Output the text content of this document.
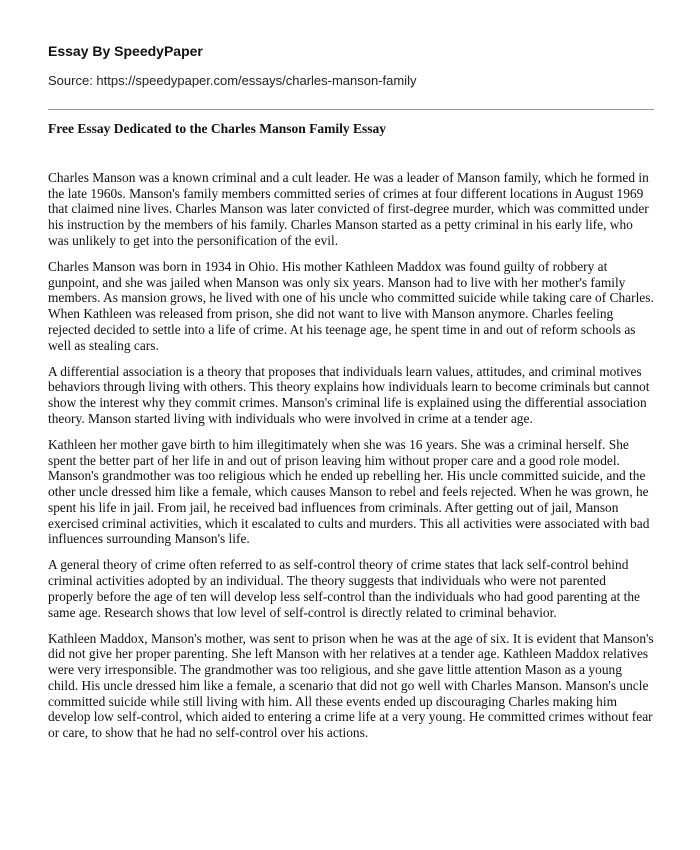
Essay By SpeedyPaper
Source: https://speedypaper.com/essays/charles-manson-family
Free Essay Dedicated to the Charles Manson Family Essay

Charles Manson was a known criminal and a cult leader. He was a leader of Manson family, which he formed in the late 1960s. Manson's family members committed series of crimes at four different locations in August 1969 that claimed nine lives. Charles Manson was later convicted of first-degree murder, which was committed under his instruction by the members of his family. Charles Manson started as a petty criminal in his early life, who was unlikely to get into the personification of the evil.

Charles Manson was born in 1934 in Ohio. His mother Kathleen Maddox was found guilty of robbery at gunpoint, and she was jailed when Manson was only six years. Manson had to live with her mother's family members. As mansion grows, he lived with one of his uncle who committed suicide while taking care of Charles. When Kathleen was released from prison, she did not want to live with Manson anymore. Charles feeling rejected decided to settle into a life of crime. At his teenage age, he spent time in and out of reform schools as well as stealing cars.

A differential association is a theory that proposes that individuals learn values, attitudes, and criminal motives behaviors through living with others. This theory explains how individuals learn to become criminals but cannot show the interest why they commit crimes. Manson's criminal life is explained using the differential association theory. Manson started living with individuals who were involved in crime at a tender age.

Kathleen her mother gave birth to him illegitimately when she was 16 years. She was a criminal herself. She spent the better part of her life in and out of prison leaving him without proper care and a good role model. Manson's grandmother was too religious which he ended up rebelling her. His uncle committed suicide, and the other uncle dressed him like a female, which causes Manson to rebel and feels rejected. When he was grown, he spent his life in jail. From jail, he received bad influences from criminals. After getting out of jail, Manson exercised criminal activities, which it escalated to cults and murders. This all activities were associated with bad influences surrounding Manson's life.

A general theory of crime often referred to as self-control theory of crime states that lack self-control behind criminal activities adopted by an individual. The theory suggests that individuals who were not parented properly before the age of ten will develop less self-control than the individuals who had good parenting at the same age. Research shows that low level of self-control is directly related to criminal behavior.

Kathleen Maddox, Manson's mother, was sent to prison when he was at the age of six. It is evident that Manson's did not give her proper parenting. She left Manson with her relatives at a tender age. Kathleen Maddox relatives were very irresponsible. The grandmother was too religious, and she gave little attention Mason as a young child. His uncle dressed him like a female, a scenario that did not go well with Charles Manson. Manson's uncle committed suicide while still living with him. All these events ended up discouraging Charles making him develop low self-control, which aided to entering a crime life at a very young. He committed crimes without fear or care, to show that he had no self-control over his actions.
